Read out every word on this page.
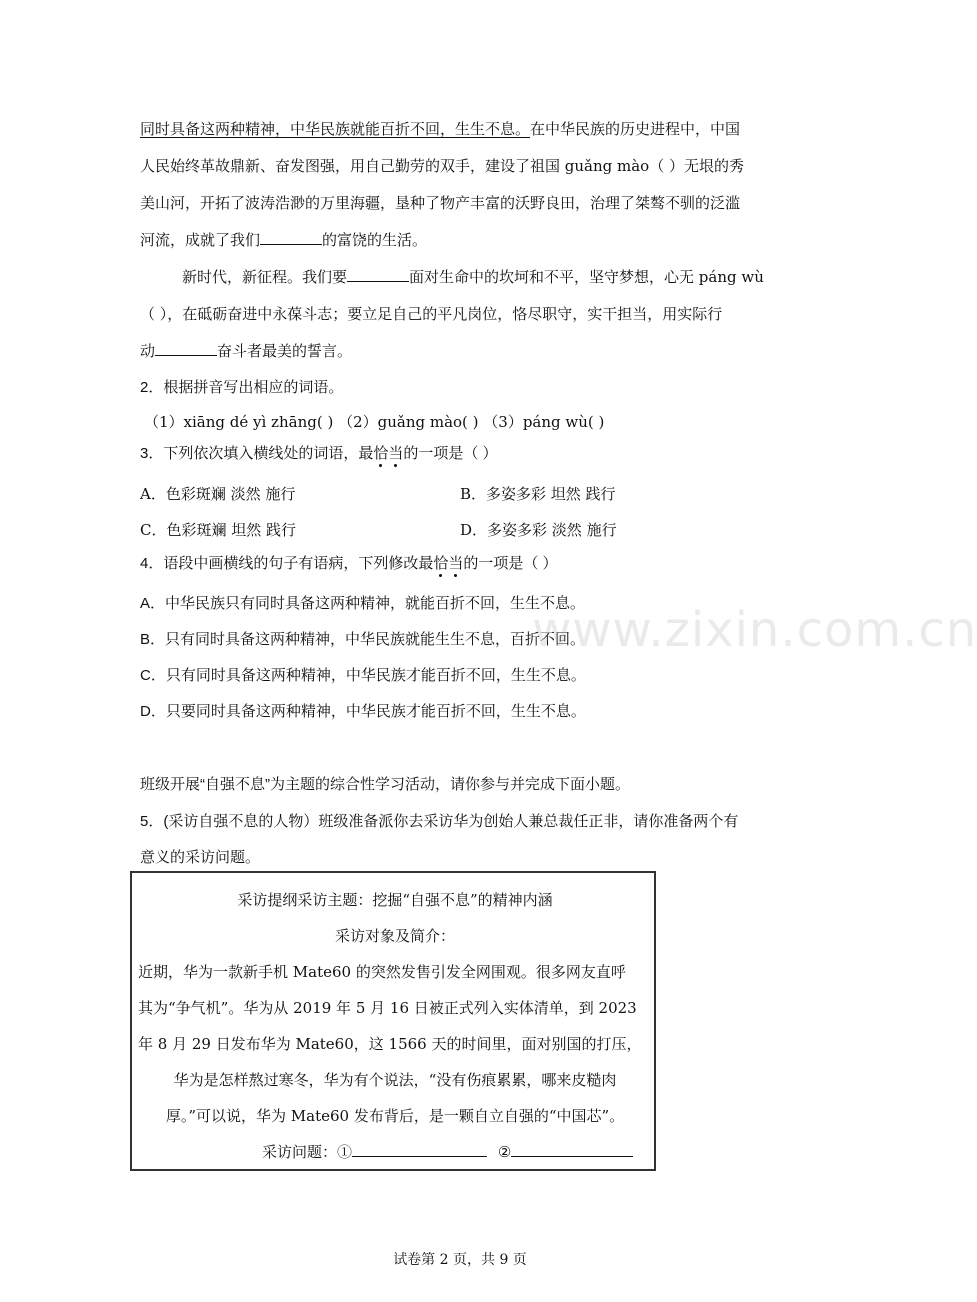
同时具备这两种精神，中华民族就能百折不回，生生不息。在中华民族的历史进程中，中国
人民始终革故鼎新、奋发图强，用自己勤劳的双手，建设了祖国 guǎng mào（ ）无垠的秀
美山河，开拓了波涛浩渺的万里海疆，垦种了物产丰富的沃野良田，治理了桀骜不驯的泛滥
河流，成就了我们	的富饶的生活。
新时代，新征程。我们要	面对生命中的坎坷和不平，坚守梦想，心无 páng wù
（ ），在砥砺奋进中永葆斗志；要立足自己的平凡岗位，恪尽职守，实干担当，用实际行
动	奋斗者最美的誓言。
2．根据拼音写出相应的词语。
（1）xiāng dé yì zhāng( ) （2）guǎng mào( ) （3）páng wù( )
3．下列依次填入横线处的词语，最恰当的一项是（ ）
A．色彩斑斓 淡然 施行	B．多姿多彩 坦然 践行
C．色彩斑斓 坦然 践行	D．多姿多彩 淡然 施行
4．语段中画横线的句子有语病，下列修改最恰当的一项是（ ）
A．中华民族只有同时具备这两种精神，就能百折不回，生生不息。
B．只有同时具备这两种精神，中华民族就能生生不息，百折不回。
C．只有同时具备这两种精神，中华民族才能百折不回，生生不息。
D．只要同时具备这两种精神，中华民族才能百折不回，生生不息。
班级开展“自强不息”为主题的综合性学习活动，请你参与并完成下面小题。
5．(采访自强不息的人物）班级准备派你去采访华为创始人兼总裁任正非，请你准备两个有
意义的采访问题。
采访提纲采访主题：挖掘“自强不息”的精神内涵
采访对象及简介：
近期，华为一款新手机 Mate60 的突然发售引发全网围观。很多网友直呼
其为“争气机”。华为从 2019 年 5 月 16 日被正式列入实体清单，到 2023
年 8 月 29 日发布华为 Mate60，这 1566 天的时间里，面对别国的打压，
华为是怎样熬过寒冬，华为有个说法，“没有伤痕累累，哪来皮糙肉
厚。”可以说，华为 Mate60 发布背后，是一颗自立自强的“中国芯”。
采访问题：①	②
www.zixin.com.cn
试卷第 2 页，共 9 页
